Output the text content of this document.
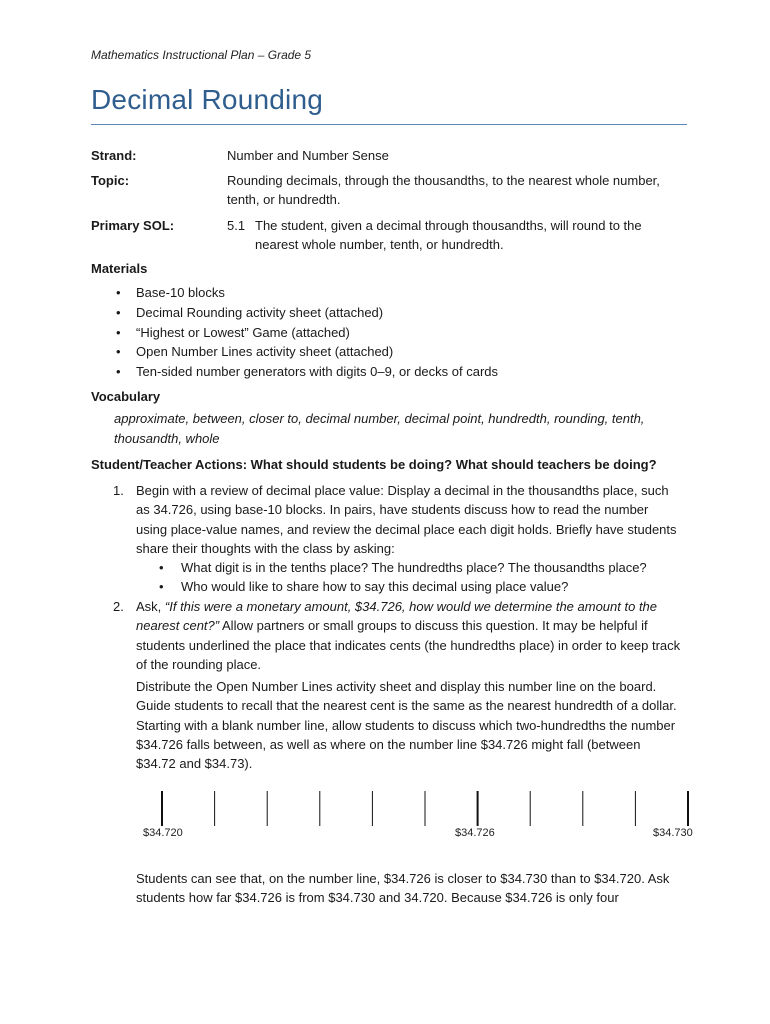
Mathematics Instructional Plan – Grade 5
Decimal Rounding
Strand:	Number and Number Sense
Topic:	Rounding decimals, through the thousandths, to the nearest whole number, tenth, or hundredth.
Primary SOL:	5.1 The student, given a decimal through thousandths, will round to the nearest whole number, tenth, or hundredth.
Materials
• Base-10 blocks
• Decimal Rounding activity sheet (attached)
• “Highest or Lowest” Game (attached)
• Open Number Lines activity sheet (attached)
• Ten-sided number generators with digits 0–9, or decks of cards
Vocabulary
approximate, between, closer to, decimal number, decimal point, hundredth, rounding, tenth, thousandth, whole
Student/Teacher Actions: What should students be doing? What should teachers be doing?
1. Begin with a review of decimal place value: Display a decimal in the thousandths place, such as 34.726, using base-10 blocks. In pairs, have students discuss how to read the number using place-value names, and review the decimal place each digit holds. Briefly have students share their thoughts with the class by asking:
• What digit is in the tenths place? The hundredths place? The thousandths place?
• Who would like to share how to say this decimal using place value?
2. Ask, “If this were a monetary amount, $34.726, how would we determine the amount to the nearest cent?” Allow partners or small groups to discuss this question. It may be helpful if students underlined the place that indicates cents (the hundredths place) in order to keep track of the rounding place.
Distribute the Open Number Lines activity sheet and display this number line on the board. Guide students to recall that the nearest cent is the same as the nearest hundredth of a dollar. Starting with a blank number line, allow students to discuss which two-hundredths the number $34.726 falls between, as well as where on the number line $34.726 might fall (between $34.72 and $34.73).
$34.720	$34.726	$34.730
Students can see that, on the number line, $34.726 is closer to $34.730 than to $34.720. Ask students how far $34.726 is from $34.730 and 34.720. Because $34.726 is only four
